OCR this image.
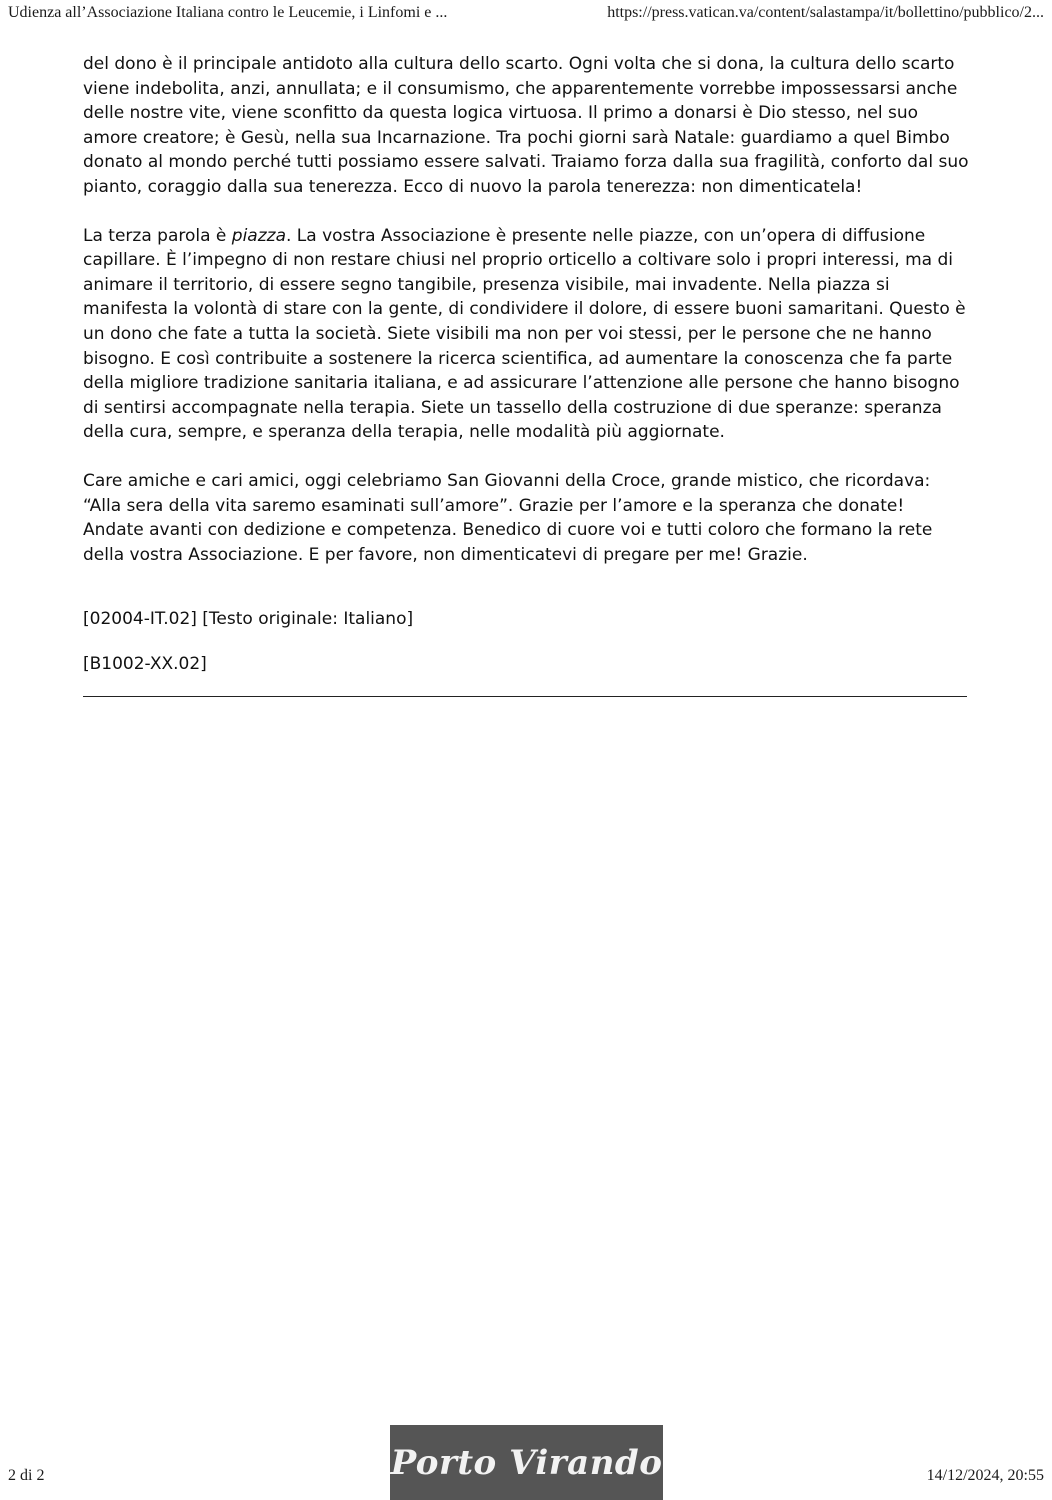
Udienza all’Associazione Italiana contro le Leucemie, i Linfomi e ...	https://press.vatican.va/content/salastampa/it/bollettino/pubblico/2...

del dono è il principale antidoto alla cultura dello scarto. Ogni volta che si dona, la cultura dello scarto viene indebolita, anzi, annullata; e il consumismo, che apparentemente vorrebbe impossessarsi anche delle nostre vite, viene sconfitto da questa logica virtuosa. Il primo a donarsi è Dio stesso, nel suo amore creatore; è Gesù, nella sua Incarnazione. Tra pochi giorni sarà Natale: guardiamo a quel Bimbo donato al mondo perché tutti possiamo essere salvati. Traiamo forza dalla sua fragilità, conforto dal suo pianto, coraggio dalla sua tenerezza. Ecco di nuovo la parola tenerezza: non dimenticatela!

La terza parola è piazza. La vostra Associazione è presente nelle piazze, con un’opera di diffusione capillare. È l’impegno di non restare chiusi nel proprio orticello a coltivare solo i propri interessi, ma di animare il territorio, di essere segno tangibile, presenza visibile, mai invadente. Nella piazza si manifesta la volontà di stare con la gente, di condividere il dolore, di essere buoni samaritani. Questo è un dono che fate a tutta la società. Siete visibili ma non per voi stessi, per le persone che ne hanno bisogno. E così contribuite a sostenere la ricerca scientifica, ad aumentare la conoscenza che fa parte della migliore tradizione sanitaria italiana, e ad assicurare l’attenzione alle persone che hanno bisogno di sentirsi accompagnate nella terapia. Siete un tassello della costruzione di due speranze: speranza della cura, sempre, e speranza della terapia, nelle modalità più aggiornate.

Care amiche e cari amici, oggi celebriamo San Giovanni della Croce, grande mistico, che ricordava: “Alla sera della vita saremo esaminati sull’amore”. Grazie per l’amore e la speranza che donate! Andate avanti con dedizione e competenza. Benedico di cuore voi e tutti coloro che formano la rete della vostra Associazione. E per favore, non dimenticatevi di pregare per me! Grazie.

[02004-IT.02] [Testo originale: Italiano]

[B1002-XX.02]

2 di 2	Porto Virando	14/12/2024, 20:55
